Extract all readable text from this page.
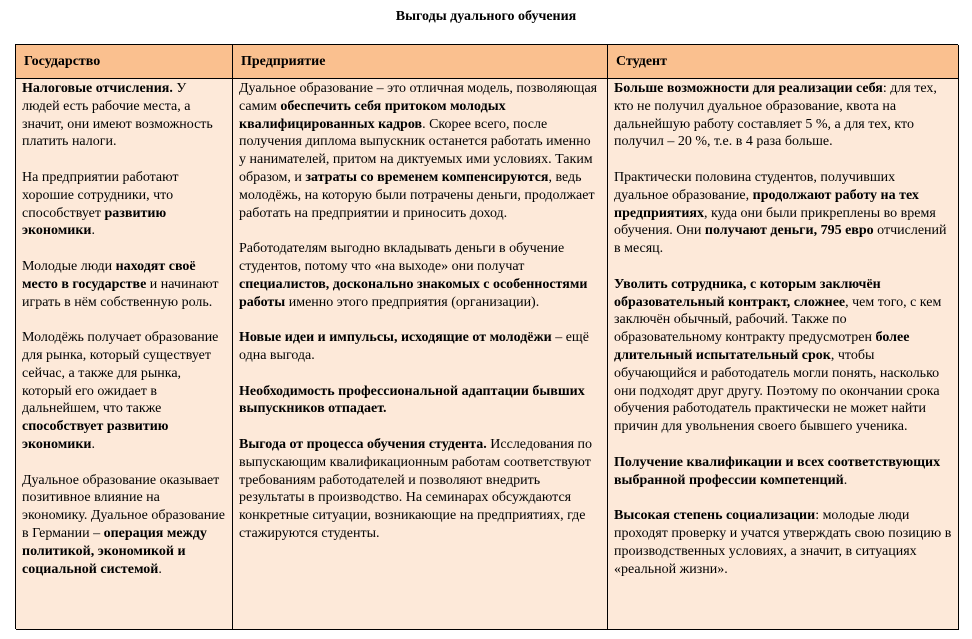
Выгоды дуального обучения
Государство	Предприятие	Студент

Налоговые отчисления. У людей есть рабочие места, а значит, они имеют возможность платить налоги.

На предприятии работают хорошие сотрудники, что способствует развитию экономики.

Молодые люди находят своё место в государстве и начинают играть в нём собственную роль.

Молодёжь получает образование для рынка, который существует сейчас, а также для рынка, который его ожидает в дальнейшем, что также способствует развитию экономики.

Дуальное образование оказывает позитивное влияние на экономику. Дуальное образование в Германии – операция между политикой, экономикой и социальной системой.

Дуальное образование – это отличная модель, позволяющая самим обеспечить себя притоком молодых квалифицированных кадров. Скорее всего, после получения диплома выпускник останется работать именно у нанимателей, притом на диктуемых ими условиях. Таким образом, и затраты со временем компенсируются, ведь молодёжь, на которую были потрачены деньги, продолжает работать на предприятии и приносить доход.

Работодателям выгодно вкладывать деньги в обучение студентов, потому что «на выходе» они получат специалистов, досконально знакомых с особенностями работы именно этого предприятия (организации).

Новые идеи и импульсы, исходящие от молодёжи – ещё одна выгода.

Необходимость профессиональной адаптации бывших выпускников отпадает.

Выгода от процесса обучения студента. Исследования по выпускающим квалификационным работам соответствуют требованиям работодателей и позволяют внедрить результаты в производство. На семинарах обсуждаются конкретные ситуации, возникающие на предприятиях, где стажируются студенты.

Больше возможности для реализации себя: для тех, кто не получил дуальное образование, квота на дальнейшую работу составляет 5 %, а для тех, кто получил – 20 %, т.е. в 4 раза больше.

Практически половина студентов, получивших дуальное образование, продолжают работу на тех предприятиях, куда они были прикреплены во время обучения. Они получают деньги, 795 евро отчислений в месяц.

Уволить сотрудника, с которым заключён образовательный контракт, сложнее, чем того, с кем заключён обычный, рабочий. Также по образовательному контракту предусмотрен более длительный испытательный срок, чтобы обучающийся и работодатель могли понять, насколько они подходят друг другу. Поэтому по окончании срока обучения работодатель практически не может найти причин для увольнения своего бывшего ученика.

Получение квалификации и всех соответствующих выбранной профессии компетенций.

Высокая степень социализации: молодые люди проходят проверку и учатся утверждать свою позицию в производственных условиях, а значит, в ситуациях «реальной жизни».
